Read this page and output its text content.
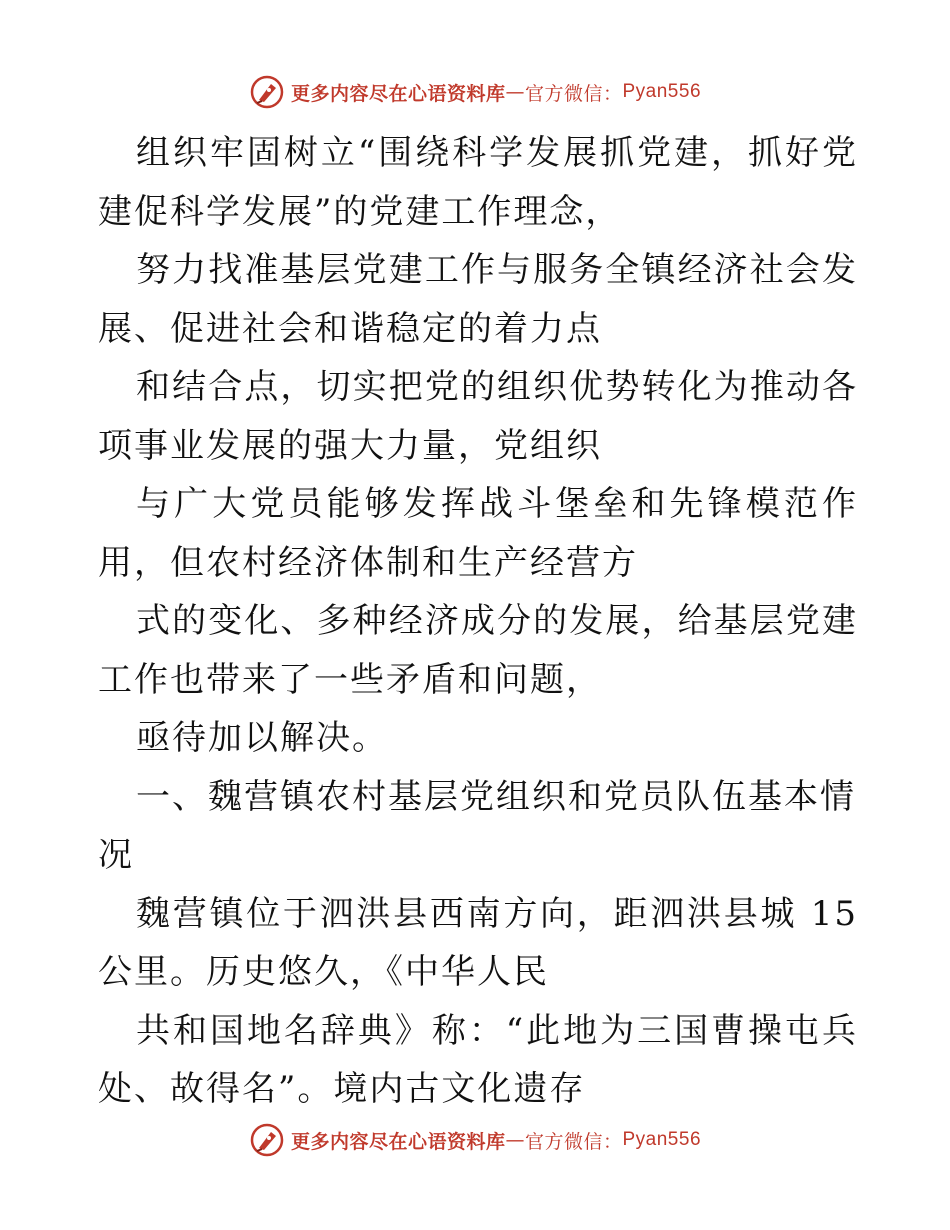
更多内容尽在心语资料库 — 官方微信： Pyan556

组织牢固树立“围绕科学发展抓党建，抓好党建促科学发展”的党建工作理念，

努力找准基层党建工作与服务全镇经济社会发展、促进社会和谐稳定的着力点

和结合点，切实把党的组织优势转化为推动各项事业发展的强大力量，党组织

与广大党员能够发挥战斗堡垒和先锋模范作用，但农村经济体制和生产经营方

式的变化、多种经济成分的发展，给基层党建工作也带来了一些矛盾和问题，

亟待加以解决。

一、魏营镇农村基层党组织和党员队伍基本情况

魏营镇位于泗洪县西南方向，距泗洪县城 15 公里。历史悠久，《中华人民

共和国地名辞典》称：“此地为三国曹操屯兵处、故得名”。境内古文化遗存

更多内容尽在心语资料库 — 官方微信： Pyan556
